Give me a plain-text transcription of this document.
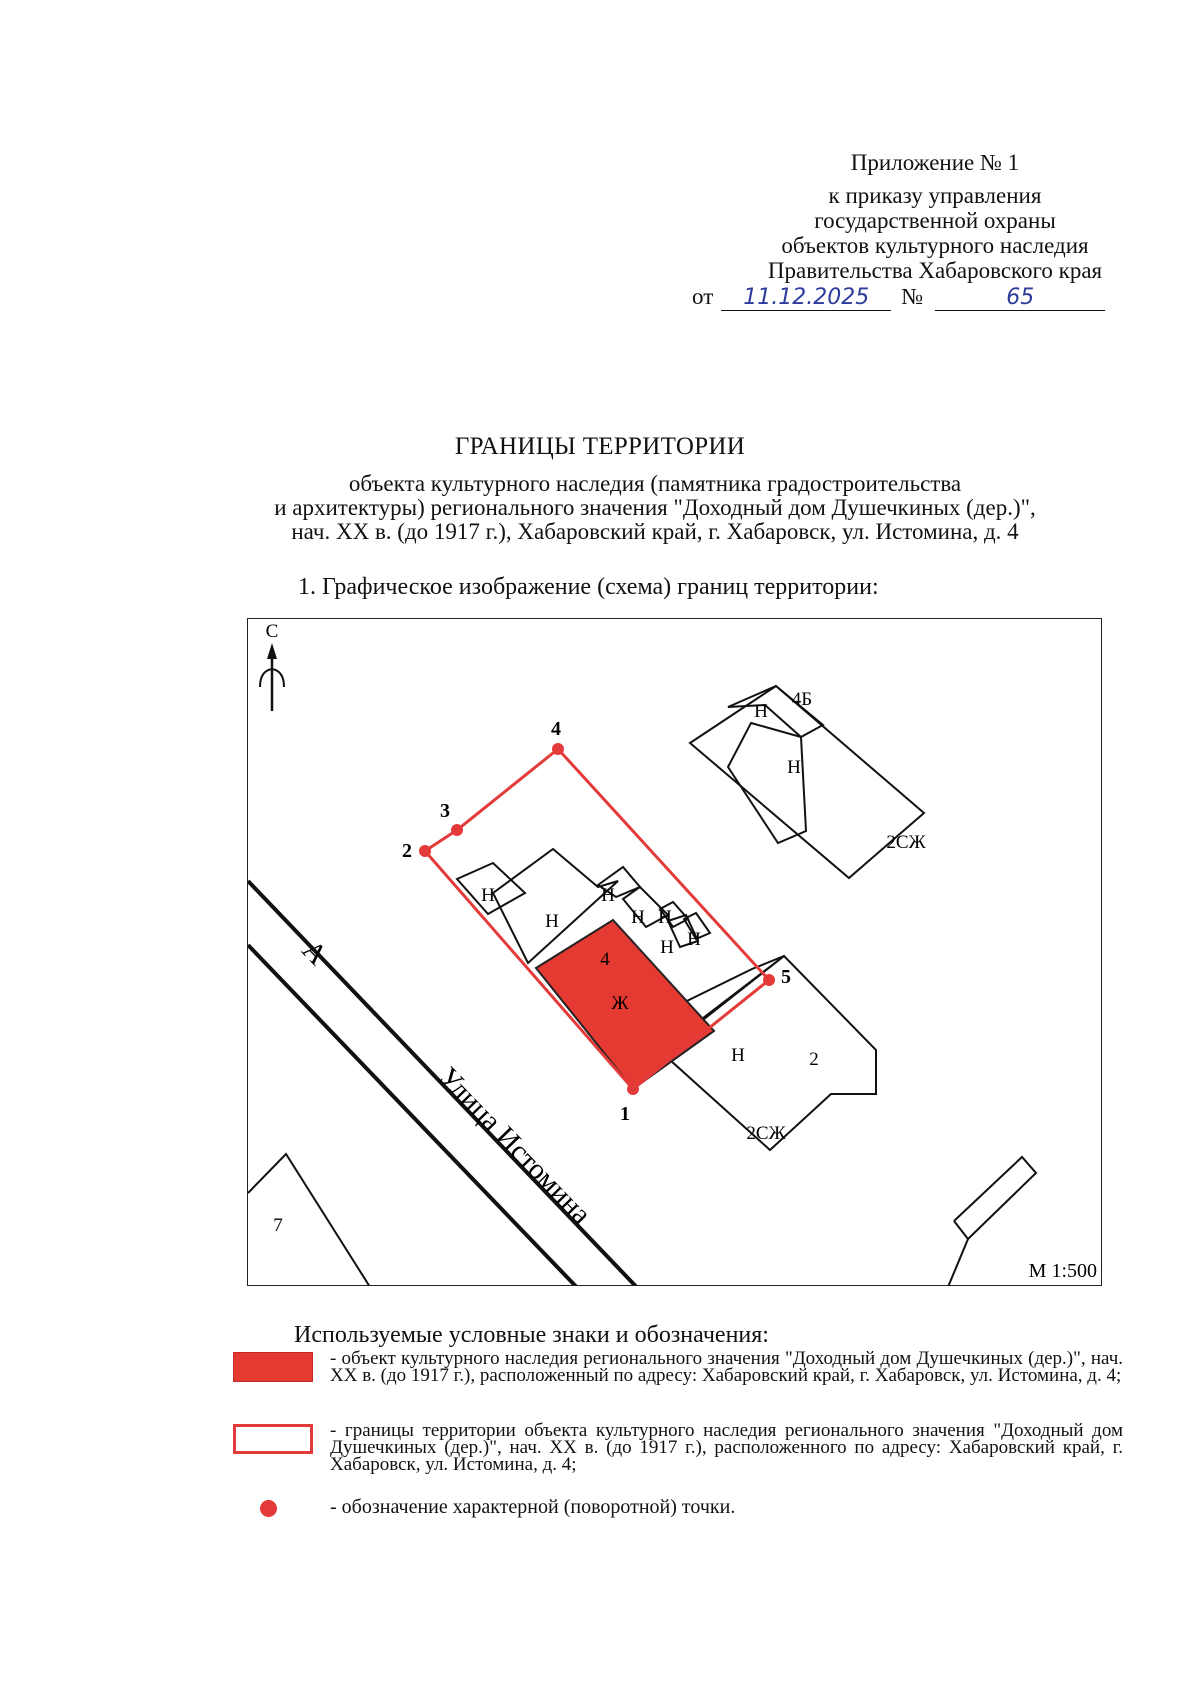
Приложение № 1
к приказу управления
государственной охраны
объектов культурного наследия
Правительства Хабаровского края
от 11.12.2025 №	65
ГРАНИЦЫ ТЕРРИТОРИИ
объекта культурного наследия (памятника градостроительства
и архитектуры) регионального значения "Доходный дом Душечкиных (дер.)",
нач. XX в. (до 1917 г.), Хабаровский край, г. Хабаровск, ул. Истомина, д. 4
1. Графическое изображение (схема) границ территории:
С
А
Улица Истомина
4Б
Н
Н
2СЖ
Н	2
2СЖ
7
Н
Н
Н
Н Н
Н Н
4
Ж
1
2
3
4
5
М 1:500
Используемые условные знаки и обозначения:
- объект культурного наследия регионального значения "Доходный дом Душечкиных (дер.)", нач. XX в. (до 1917 г.), расположенный по адресу: Хабаровский край, г. Хабаровск, ул. Истомина, д. 4;
- границы территории объекта культурного наследия регионального значения "Доходный дом Душечкиных (дер.)", нач. XX в. (до 1917 г.), расположенного по адресу: Хабаровский край, г. Хабаровск, ул. Истомина, д. 4;
- обозначение характерной (поворотной) точки.
